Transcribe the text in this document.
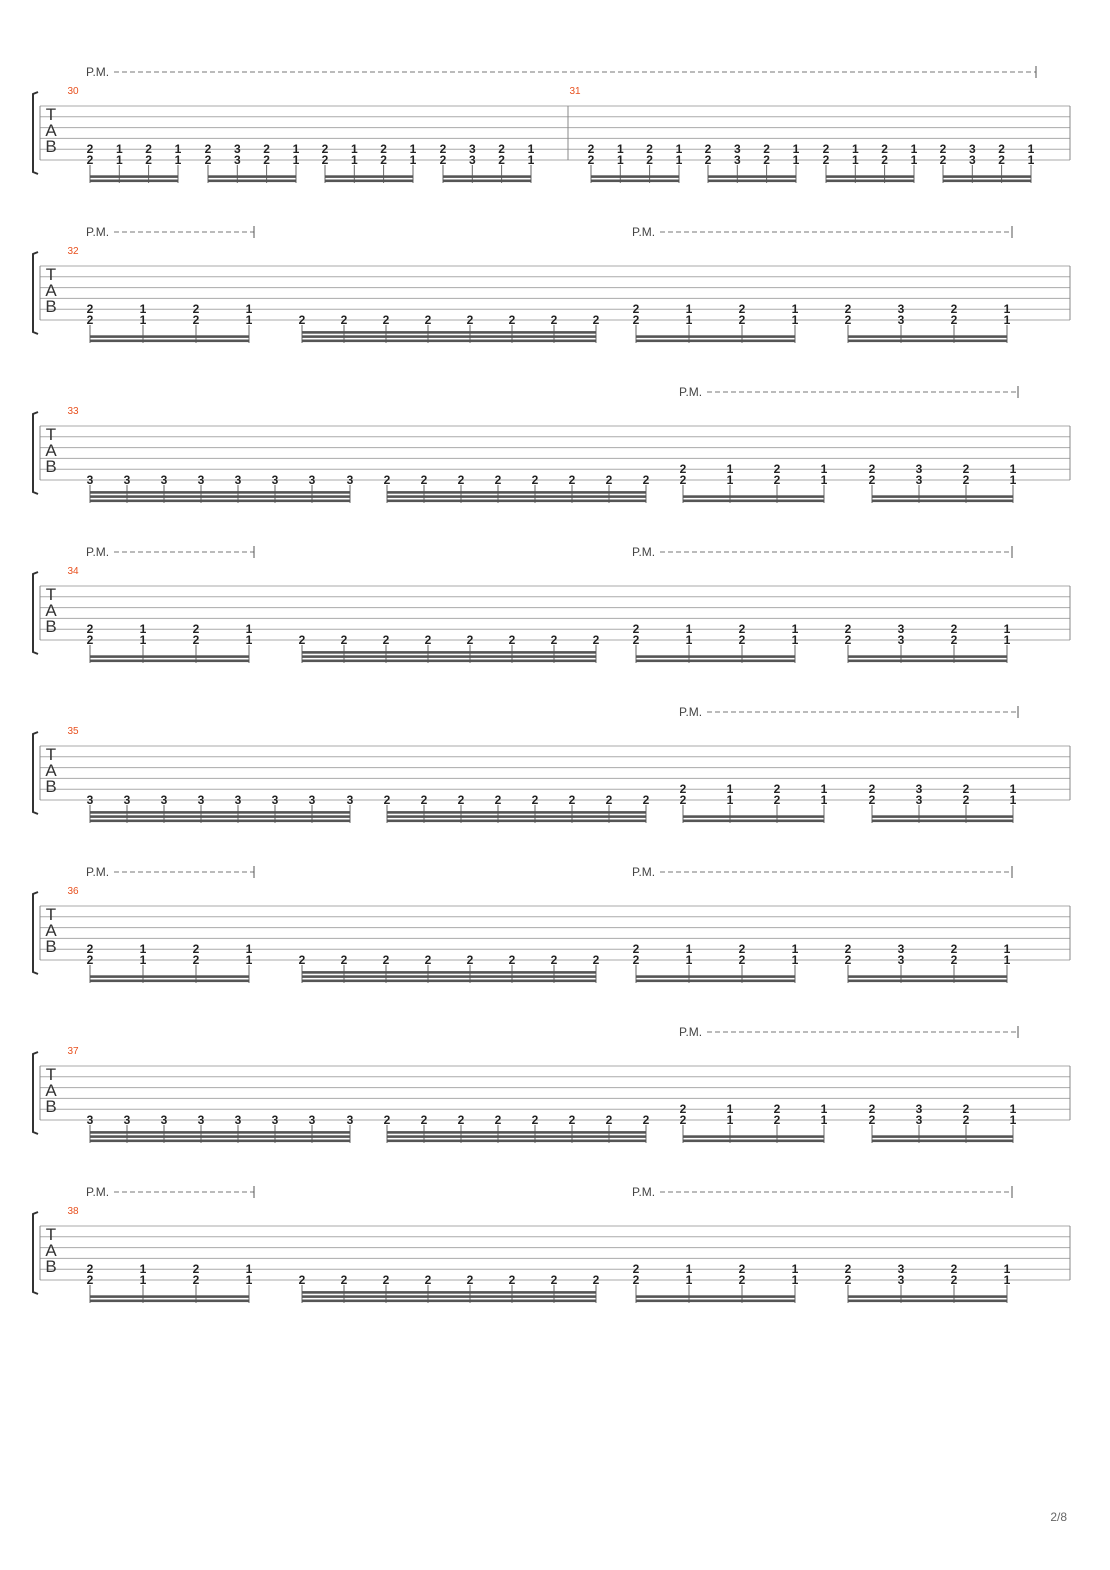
T
A
B
30	31
2
2
1
1
2
2
1
1
2
2
3
3
2
2
1
1
2
2
1
1
2
2
1
1
2
2
3
3
2
2
1
1
2
2
1
1
2
2
1
1
2
2
3
3
2
2
1
1
2
2
1
1
2
2
1
1
2
2
3
3
2
2
1
1
P.M.
T
A
B
32
2
2
1
1
2
2
1
1	2	2	2	2	2	2	2	2
2
2
1
1
2
2
1
1
2
2
3
3
2
2
1
1
P.M.	P.M.
T
A
B
33
3	3	3	3	3	3	3	3	2	2	2	2	2	2	2	2
2
2
1
1
2
2
1
1
2
2
3
3
2
2
1
1
P.M.
T
A
B
34
2
2
1
1
2
2
1
1	2	2	2	2	2	2	2	2
2
2
1
1
2
2
1
1
2
2
3
3
2
2
1
1
P.M.	P.M.
T
A
B
35
3	3	3	3	3	3	3	3	2	2	2	2	2	2	2	2
2
2
1
1
2
2
1
1
2
2
3
3
2
2
1
1
P.M.
T
A
B
36
2
2
1
1
2
2
1
1	2	2	2	2	2	2	2	2
2
2
1
1
2
2
1
1
2
2
3
3
2
2
1
1
P.M.	P.M.
T
A
B
37
3	3	3	3	3	3	3	3	2	2	2	2	2	2	2	2
2
2
1
1
2
2
1
1
2
2
3
3
2
2
1
1
P.M.
T
A
B
38
2
2
1
1
2
2
1
1	2	2	2	2	2	2	2	2
2
2
1
1
2
2
1
1
2
2
3
3
2
2
1
1
P.M.	P.M.
2/8
